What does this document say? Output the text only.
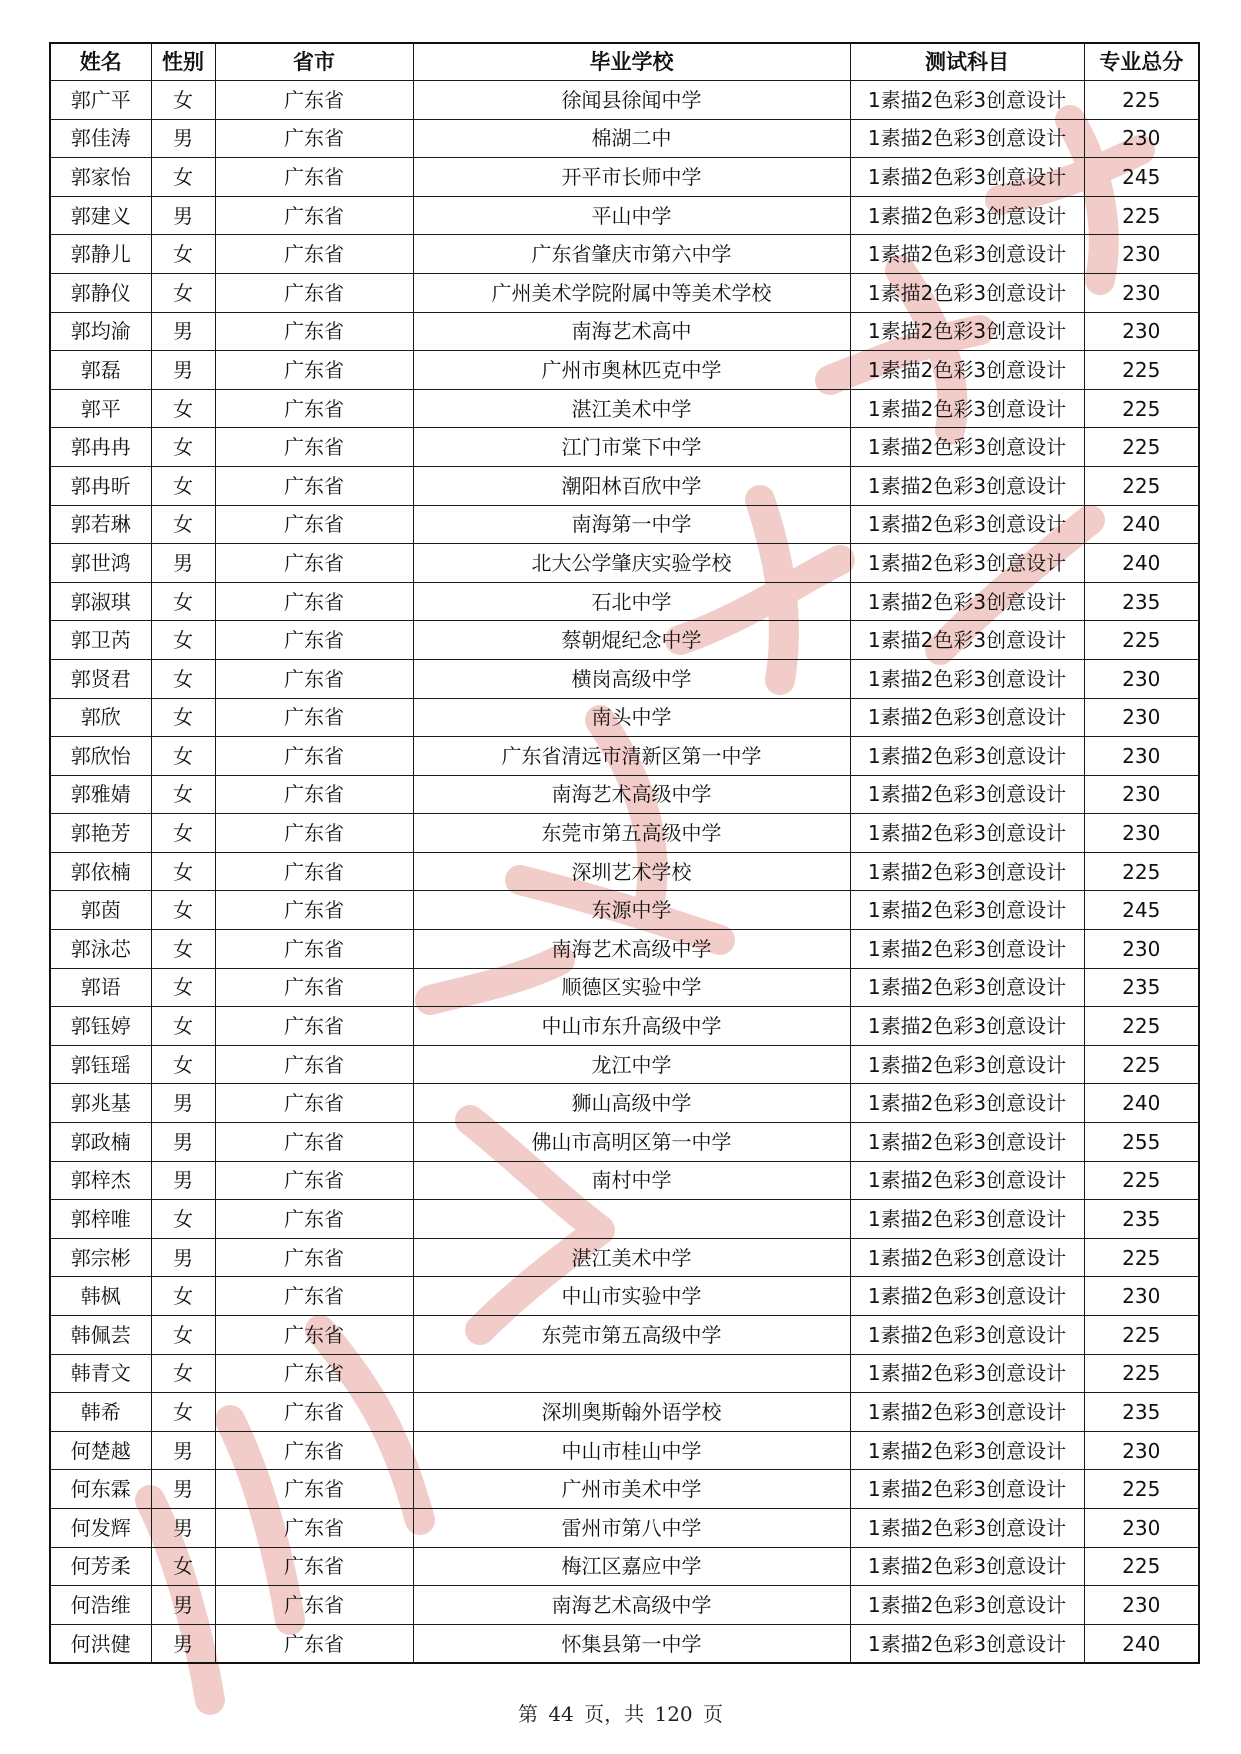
姓名	性别	省市	毕业学校	测试科目	专业总分
郭广平	女	广东省	徐闻县徐闻中学	1素描2色彩3创意设计	225
郭佳涛	男	广东省	棉湖二中	1素描2色彩3创意设计	230
郭家怡	女	广东省	开平市长师中学	1素描2色彩3创意设计	245
郭建义	男	广东省	平山中学	1素描2色彩3创意设计	225
郭静儿	女	广东省	广东省肇庆市第六中学	1素描2色彩3创意设计	230
郭静仪	女	广东省	广州美术学院附属中等美术学校	1素描2色彩3创意设计	230
郭均渝	男	广东省	南海艺术高中	1素描2色彩3创意设计	230
郭磊	男	广东省	广州市奥林匹克中学	1素描2色彩3创意设计	225
郭平	女	广东省	湛江美术中学	1素描2色彩3创意设计	225
郭冉冉	女	广东省	江门市棠下中学	1素描2色彩3创意设计	225
郭冉昕	女	广东省	潮阳林百欣中学	1素描2色彩3创意设计	225
郭若琳	女	广东省	南海第一中学	1素描2色彩3创意设计	240
郭世鸿	男	广东省	北大公学肇庆实验学校	1素描2色彩3创意设计	240
郭淑琪	女	广东省	石北中学	1素描2色彩3创意设计	235
郭卫芮	女	广东省	蔡朝焜纪念中学	1素描2色彩3创意设计	225
郭贤君	女	广东省	横岗高级中学	1素描2色彩3创意设计	230
郭欣	女	广东省	南头中学	1素描2色彩3创意设计	230
郭欣怡	女	广东省	广东省清远市清新区第一中学	1素描2色彩3创意设计	230
郭雅婧	女	广东省	南海艺术高级中学	1素描2色彩3创意设计	230
郭艳芳	女	广东省	东莞市第五高级中学	1素描2色彩3创意设计	230
郭依楠	女	广东省	深圳艺术学校	1素描2色彩3创意设计	225
郭茵	女	广东省	东源中学	1素描2色彩3创意设计	245
郭泳芯	女	广东省	南海艺术高级中学	1素描2色彩3创意设计	230
郭语	女	广东省	顺德区实验中学	1素描2色彩3创意设计	235
郭钰婷	女	广东省	中山市东升高级中学	1素描2色彩3创意设计	225
郭钰瑶	女	广东省	龙江中学	1素描2色彩3创意设计	225
郭兆基	男	广东省	狮山高级中学	1素描2色彩3创意设计	240
郭政楠	男	广东省	佛山市高明区第一中学	1素描2色彩3创意设计	255
郭梓杰	男	广东省	南村中学	1素描2色彩3创意设计	225
郭梓唯	女	广东省		1素描2色彩3创意设计	235
郭宗彬	男	广东省	湛江美术中学	1素描2色彩3创意设计	225
韩枫	女	广东省	中山市实验中学	1素描2色彩3创意设计	230
韩佩芸	女	广东省	东莞市第五高级中学	1素描2色彩3创意设计	225
韩青文	女	广东省		1素描2色彩3创意设计	225
韩希	女	广东省	深圳奥斯翰外语学校	1素描2色彩3创意设计	235
何楚越	男	广东省	中山市桂山中学	1素描2色彩3创意设计	230
何东霖	男	广东省	广州市美术中学	1素描2色彩3创意设计	225
何发辉	男	广东省	雷州市第八中学	1素描2色彩3创意设计	230
何芳柔	女	广东省	梅江区嘉应中学	1素描2色彩3创意设计	225
何浩维	男	广东省	南海艺术高级中学	1素描2色彩3创意设计	230
何洪健	男	广东省	怀集县第一中学	1素描2色彩3创意设计	240
第 44 页，共 120 页
